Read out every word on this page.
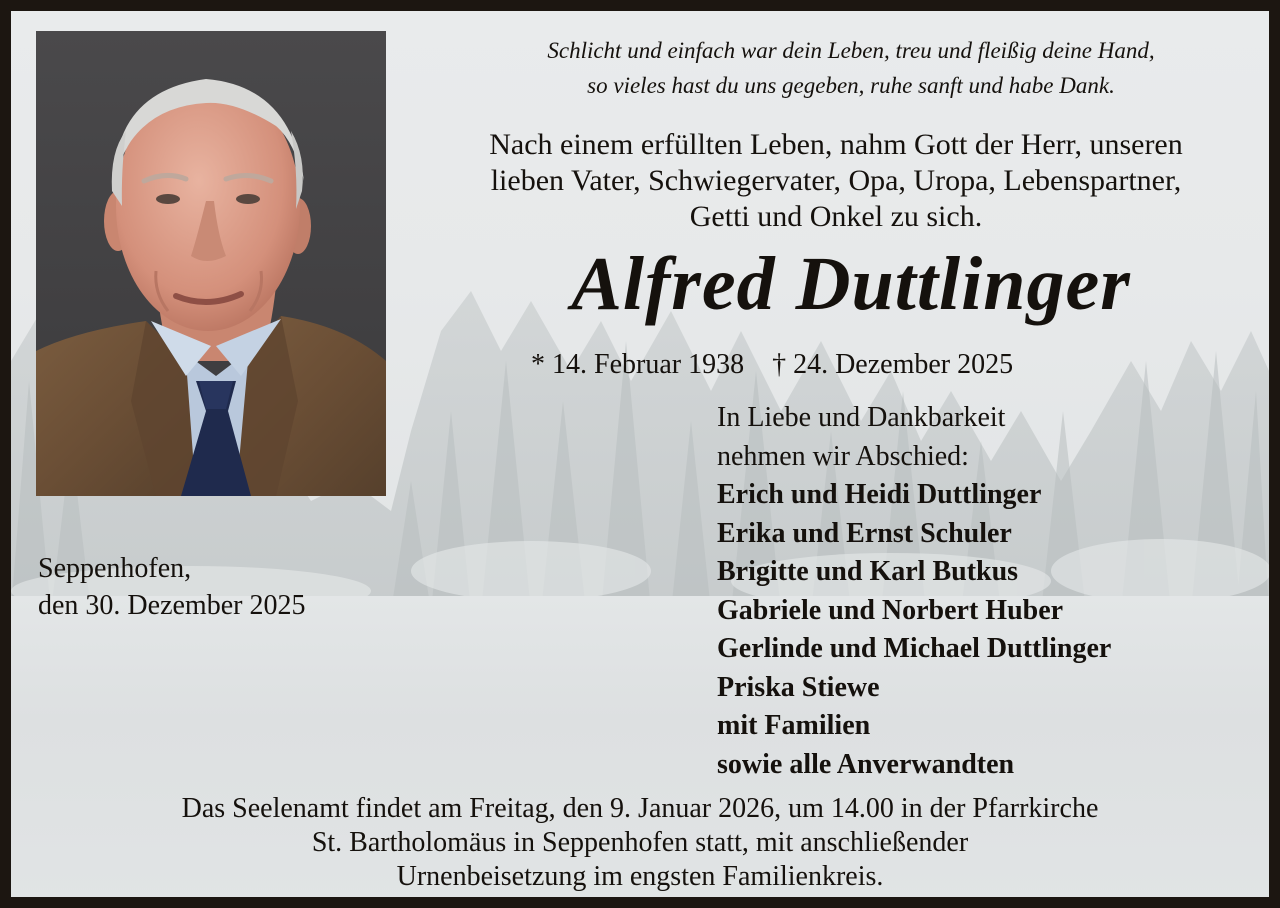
Schlicht und einfach war dein Leben, treu und fleißig deine Hand,
so vieles hast du uns gegeben, ruhe sanft und habe Dank.
Nach einem erfüllten Leben, nahm Gott der Herr, unseren
lieben Vater, Schwiegervater, Opa, Uropa, Lebenspartner,
Getti und Onkel zu sich.
Alfred Duttlinger
* 14. Februar 1938 † 24. Dezember 2025
In Liebe und Dankbarkeit
nehmen wir Abschied:
Erich und Heidi Duttlinger
Erika und Ernst Schuler
Brigitte und Karl Butkus
Gabriele und Norbert Huber
Gerlinde und Michael Duttlinger
Priska Stiewe
mit Familien
sowie alle Anverwandten
Seppenhofen,
den 30. Dezember 2025
Das Seelenamt findet am Freitag, den 9. Januar 2026, um 14.00 in der Pfarrkirche
St. Bartholomäus in Seppenhofen statt, mit anschließender
Urnenbeisetzung im engsten Familienkreis.
